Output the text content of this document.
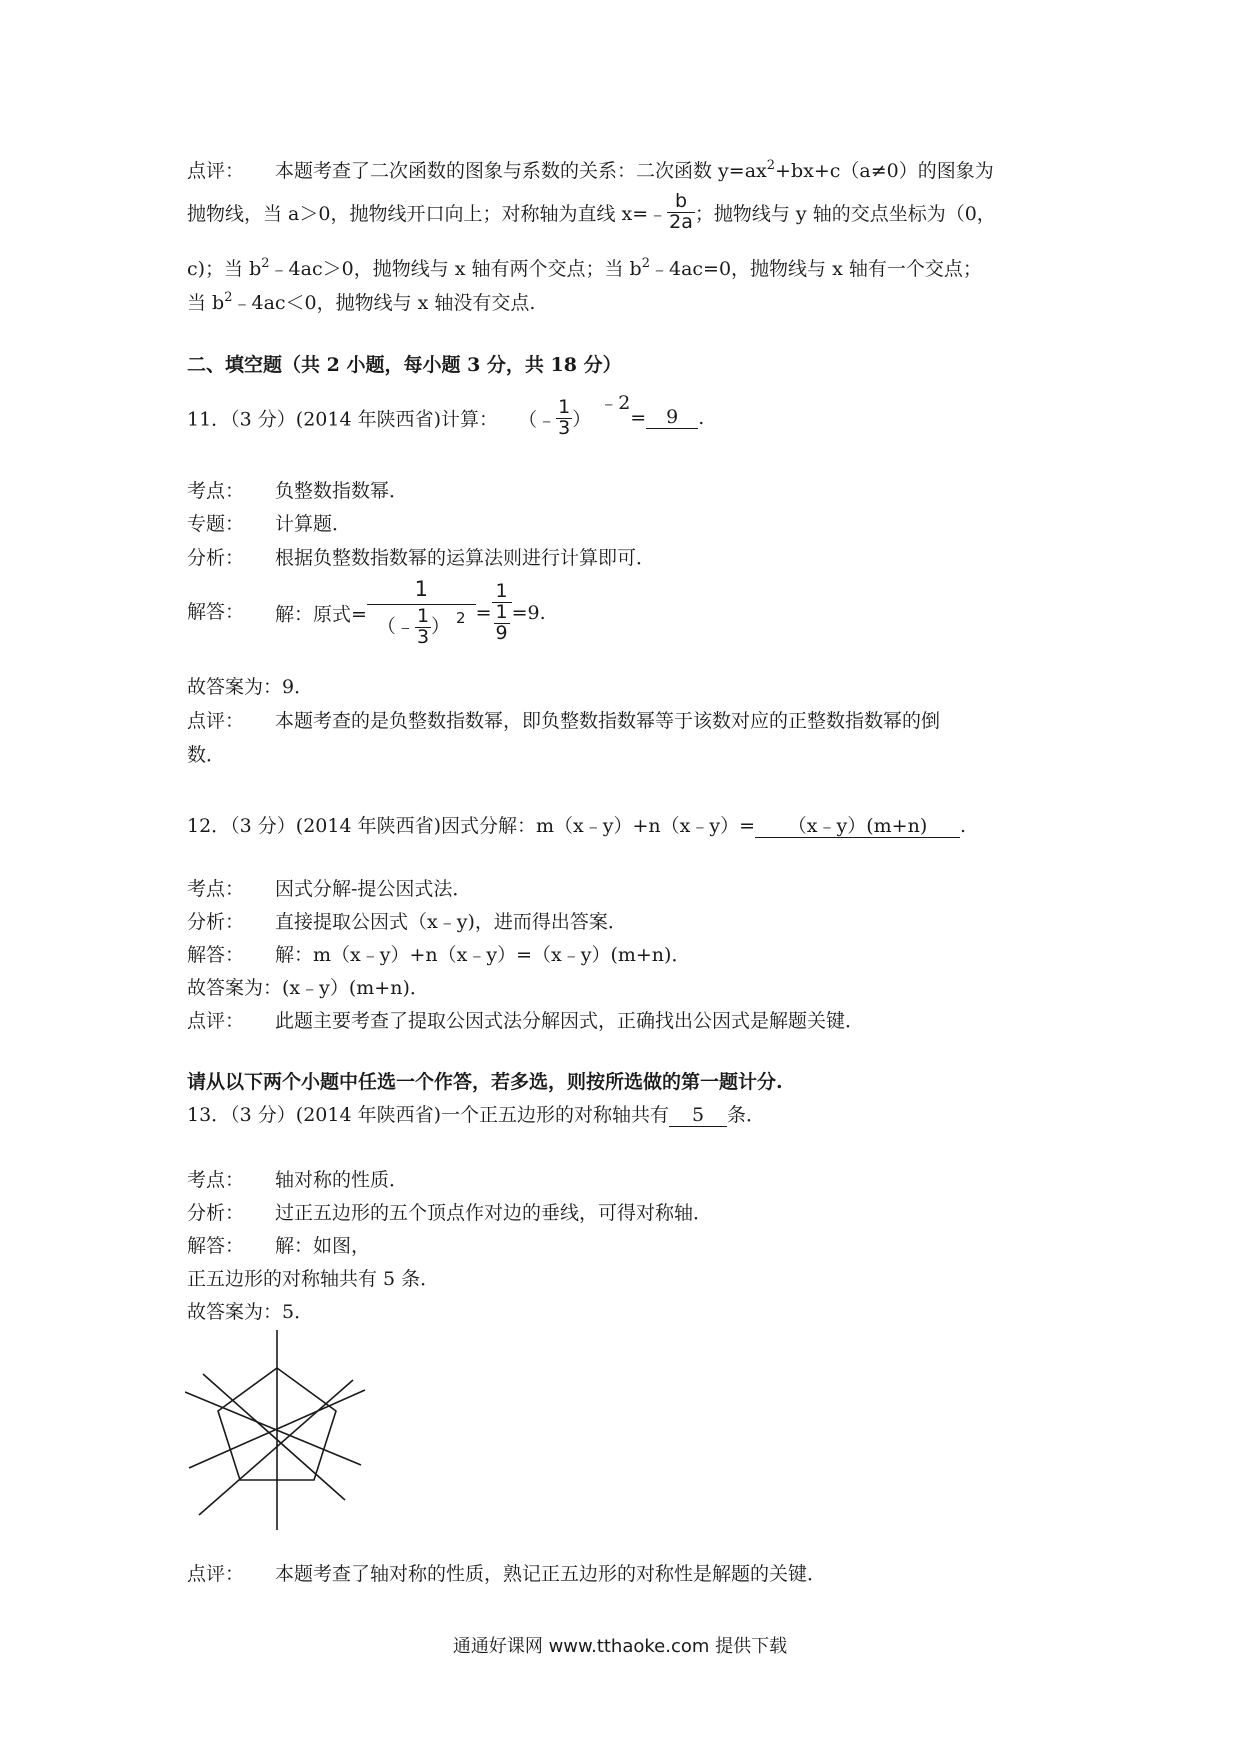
点评： 本题考查了二次函数的图象与系数的关系：二次函数 $y=ax^2+bx+c(a\ne 0)$的图象为
抛物线，当 a＞0，抛物线开口向上；对称轴为直线 x=﹣ $\frac{b}{2a}$ ；抛物线与 y 轴的交点坐标为（0，
c)；当 $b^2﹣4ac>0$，抛物线与 x 轴有两个交点；当 $b^2﹣4ac=0$，抛物线与 x 轴有一个交点；
当 $b^2﹣4ac<0$，抛物线与 x 轴没有交点.
二、填空题（共 2 小题，每小题 3 分，共 18 分）
11．（3 分）(2014 年陕西省)计算： （﹣ $\frac{1}{3}$ ）﹣2= 9 .
考点： 负整数指数幂．
专题： 计算题．
分析： 根据负整数指数幂的运算法则进行计算即可．
解答： 解：原式= $\frac{1}{(﹣ \frac{1}{3} ) ^2} = \frac{1}{\frac{1}{9}} =9$.
故答案为：9．
点评： 本题考查的是负整数指数幂，即负整数指数幂等于该数对应的正整数指数幂的倒
数．
12．（3 分）(2014 年陕西省)因式分解：m（x﹣y）+n（x﹣y）= （x﹣y）(m+n) .
考点： 因式分解-提公因式法．
分析： 直接提取公因式（x﹣y)，进而得出答案．
解答： 解：m（x﹣y）+n（x﹣y）=（x﹣y）(m+n)．
故答案为：(x﹣y）(m+n)．
点评： 此题主要考查了提取公因式法分解因式，正确找出公因式是解题关键．
请从以下两个小题中任选一个作答，若多选，则按所选做的第一题计分.
13．（3 分）(2014 年陕西省)一个正五边形的对称轴共有 5 条．
考点： 轴对称的性质．
分析： 过正五边形的五个顶点作对边的垂线，可得对称轴．
解答： 解：如图，
正五边形的对称轴共有 5 条．
故答案为：5．
点评： 本题考查了轴对称的性质，熟记正五边形的对称性是解题的关键．
通通好课网 www.tthaoke.com 提供下载
